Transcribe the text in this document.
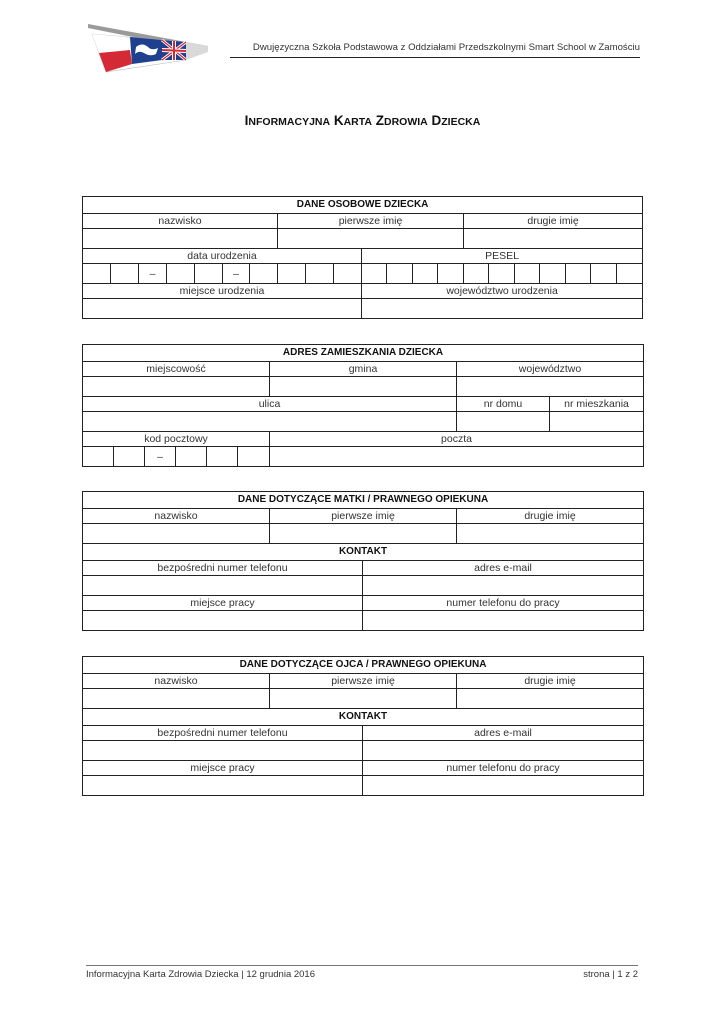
Dwujęzyczna Szkoła Podstawowa z Oddziałami Przedszkolnymi Smart School w Zamościu
INFORMACYJNA KARTA ZDROWIA DZIECKA
DANE OSOBOWE DZIECKA																				
nazwisko							pierwsze imię							drugie imię						

data urodzenia										PESEL										
		–			–															
miejsce urodzenia										województwo urodzenia										

ADRES ZAMIESZKANIA DZIECKA								
miejscowość						gmina	województwo	

ulica							nr domu	nr mieszkania

kod pocztowy						poczta		
		–						
DANE DOTYCZĄCE MATKI / PRAWNEGO OPIEKUNA			
nazwisko	pierwsze imię		drugie imię

KONTAKT			
bezpośredni numer telefonu		adres e-mail	

miejsce pracy		numer telefonu do pracy	

DANE DOTYCZĄCE OJCA / PRAWNEGO OPIEKUNA			
nazwisko	pierwsze imię		drugie imię

KONTAKT			
bezpośredni numer telefonu		adres e-mail	

miejsce pracy		numer telefonu do pracy	

Informacyjna Karta Zdrowia Dziecka | 12 grudnia 2016	strona | 1 z 2
